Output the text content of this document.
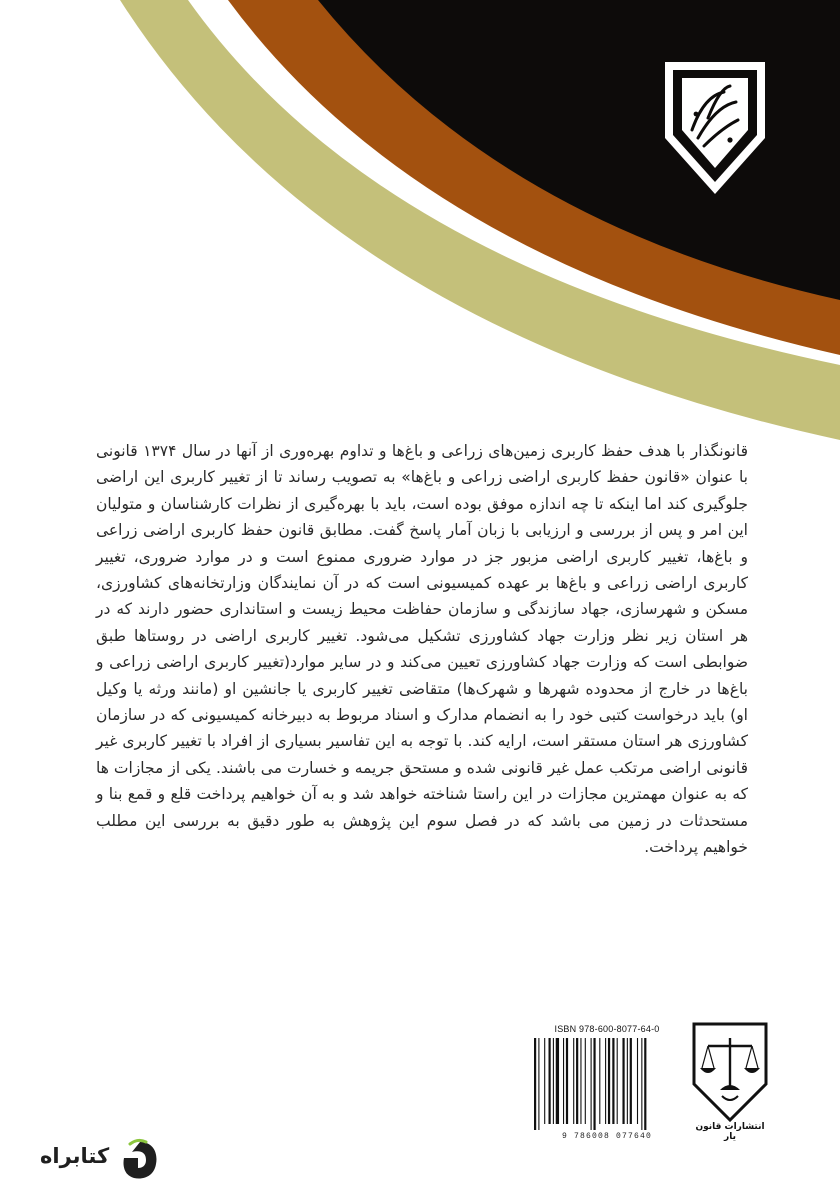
قانونگذار با هدف حفظ کاربری زمین‌های زراعی و باغ‌ها و تداوم بهره‌وری از آنها در سال ۱۳۷۴ قانونی با عنوان «قانون حفظ کاربری اراضی زراعی و باغ‌ها» به تصویب رساند تا از تغییر کاربری این اراضی جلوگیری کند اما اینکه تا چه اندازه موفق بوده است، باید با بهره‌گیری از نظرات کارشناسان و متولیان این امر و پس از بررسی و ارزیابی با زبان آمار پاسخ گفت. مطابق قانون حفظ کاربری اراضی زراعی و باغ‌ها، تغییر کاربری اراضی مزبور جز در موارد ضروری ممنوع است و در موارد ضروری، تغییر کاربری اراضی زراعی و باغ‌ها بر عهده کمیسیونی است که در آن نمایندگان وزارتخانه‌های کشاورزی، مسکن و شهرسازی، جهاد سازندگی و سازمان حفاظت محیط زیست و استانداری حضور دارند که در هر استان زیر نظر وزارت جهاد کشاورزی تشکیل می‌شود. تغییر کاربری اراضی در روستاها طبق ضوابطی است که وزارت جهاد کشاورزی تعیین می‌کند و در سایر موارد(تغییر کاربری اراضی زراعی و باغ‌ها در خارج از محدوده شهرها و شهرک‌ها) متقاضی تغییر کاربری یا جانشین او (مانند ورثه یا وکیل او) باید درخواست کتبی خود را به انضمام مدارک و اسناد مربوط به دبیرخانه کمیسیونی که در سازمان کشاورزی هر استان مستقر است، ارایه کند. با توجه به این تفاسیر بسیاری از افراد با تغییر کاربری غیر قانونی اراضی مرتکب عمل غیر قانونی شده و مستحق جریمه و خسارت می باشند. یکی از مجازات ها که به عنوان مهمترین مجازات در این راستا شناخته خواهد شد و به آن خواهیم پرداخت قلع و قمع بنا و مستحدثات در زمین می باشد که در فصل سوم این پژوهش به طور دقیق به بررسی این مطلب خواهیم پرداخت.
ISBN 978-600-8077-64-0
9 786008 077640
انتشارات قانون یار
کتابراه
